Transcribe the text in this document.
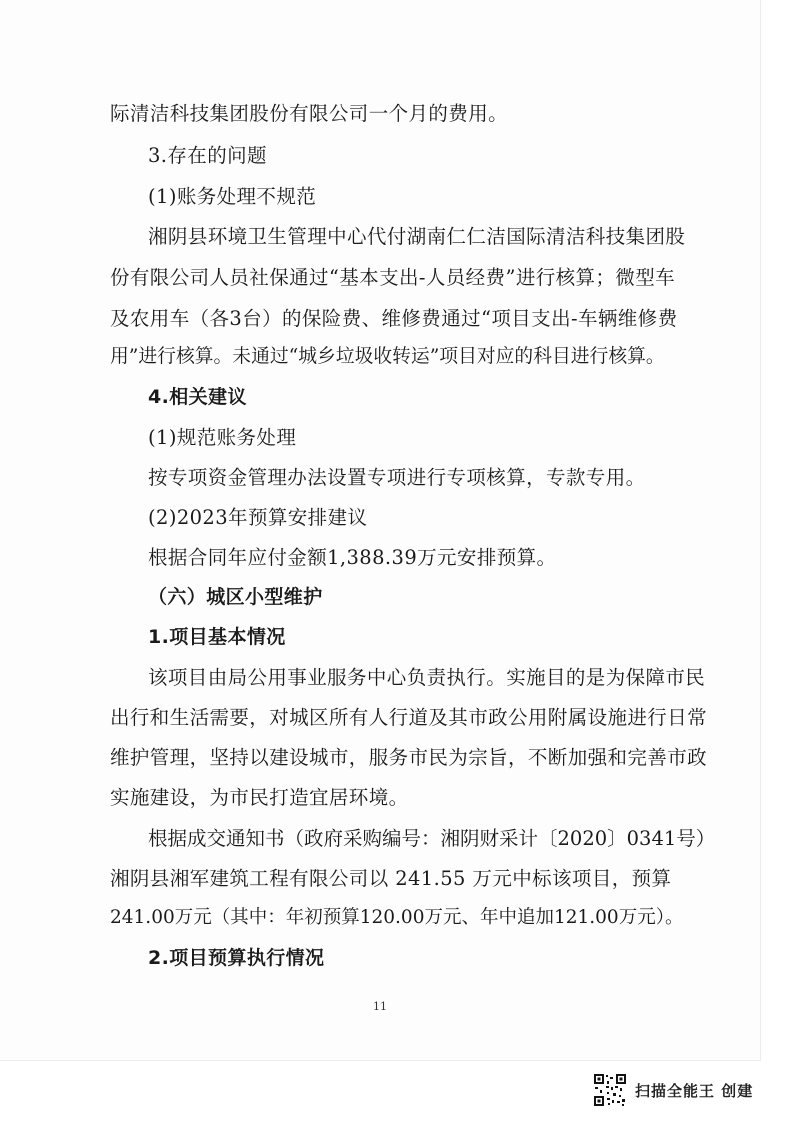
际清洁科技集团股份有限公司一个月的费用。
3.存在的问题
(1)账务处理不规范
湘阴县环境卫生管理中心代付湖南仁仁洁国际清洁科技集团股
份有限公司人员社保通过“基本支出-人员经费”进行核算；微型车
及农用车（各3台）的保险费、维修费通过“项目支出-车辆维修费
用”进行核算。未通过“城乡垃圾收转运”项目对应的科目进行核算。
4.相关建议
(1)规范账务处理
按专项资金管理办法设置专项进行专项核算，专款专用。
(2)2023年预算安排建议
根据合同年应付金额1,388.39万元安排预算。
（六）城区小型维护
1.项目基本情况
该项目由局公用事业服务中心负责执行。实施目的是为保障市民
出行和生活需要，对城区所有人行道及其市政公用附属设施进行日常
维护管理，坚持以建设城市，服务市民为宗旨，不断加强和完善市政
实施建设，为市民打造宜居环境。
根据成交通知书（政府采购编号：湘阴财采计〔2020〕0341号）
湘阴县湘军建筑工程有限公司以 241.55 万元中标该项目，预算
241.00万元（其中：年初预算120.00万元、年中追加121.00万元）。
2.项目预算执行情况
11
扫描全能王 创建
